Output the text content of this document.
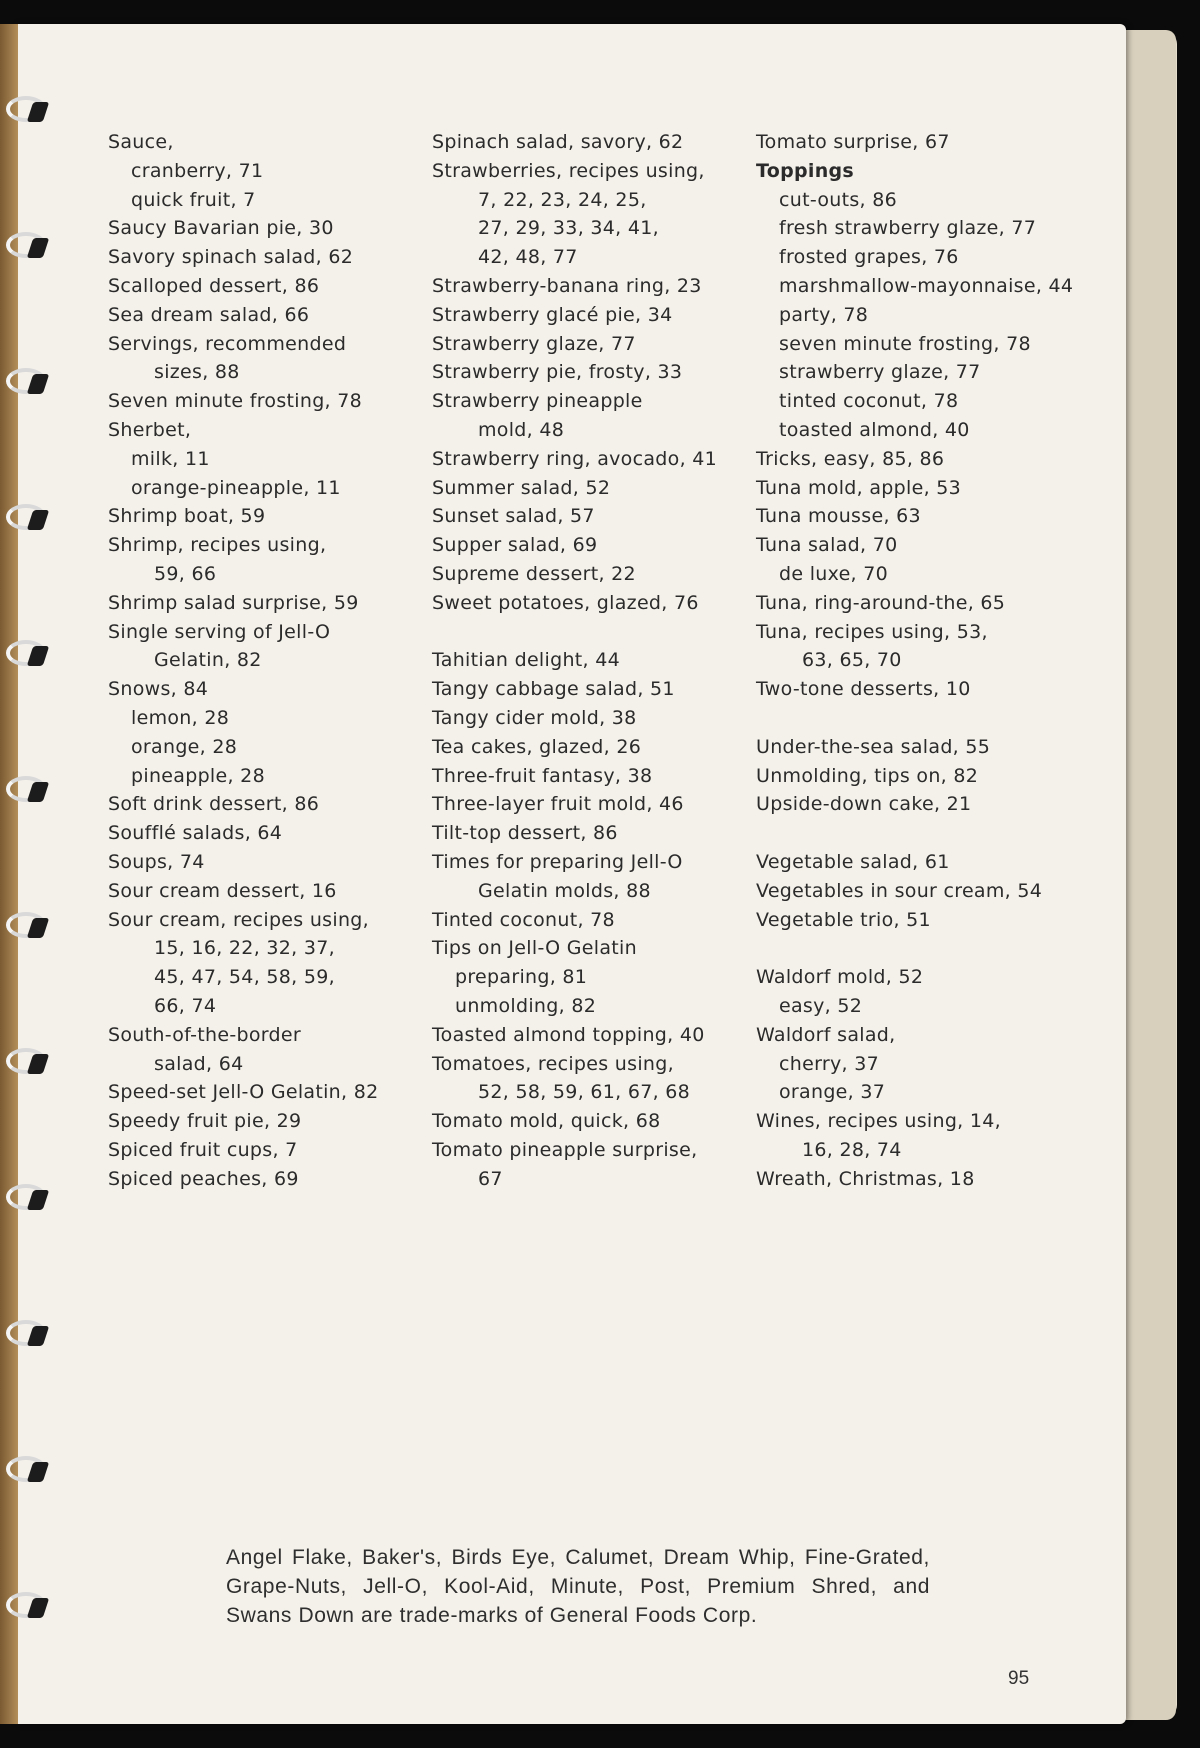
Sauce,
cranberry, 71
quick fruit, 7
Saucy Bavarian pie, 30
Savory spinach salad, 62
Scalloped dessert, 86
Sea dream salad, 66
Servings, recommended
sizes, 88
Seven minute frosting, 78
Sherbet,
milk, 11
orange-pineapple, 11
Shrimp boat, 59
Shrimp, recipes using,
59, 66
Shrimp salad surprise, 59
Single serving of Jell-O
Gelatin, 82
Snows, 84
lemon, 28
orange, 28
pineapple, 28
Soft drink dessert, 86
Soufflé salads, 64
Soups, 74
Sour cream dessert, 16
Sour cream, recipes using,
15, 16, 22, 32, 37,
45, 47, 54, 58, 59,
66, 74
South-of-the-border
salad, 64
Speed-set Jell-O Gelatin, 82
Speedy fruit pie, 29
Spiced fruit cups, 7
Spiced peaches, 69
Spinach salad, savory, 62
Strawberries, recipes using,
7, 22, 23, 24, 25,
27, 29, 33, 34, 41,
42, 48, 77
Strawberry-banana ring, 23
Strawberry glacé pie, 34
Strawberry glaze, 77
Strawberry pie, frosty, 33
Strawberry pineapple
mold, 48
Strawberry ring, avocado, 41
Summer salad, 52
Sunset salad, 57
Supper salad, 69
Supreme dessert, 22
Sweet potatoes, glazed, 76
Tahitian delight, 44
Tangy cabbage salad, 51
Tangy cider mold, 38
Tea cakes, glazed, 26
Three-fruit fantasy, 38
Three-layer fruit mold, 46
Tilt-top dessert, 86
Times for preparing Jell-O
Gelatin molds, 88
Tinted coconut, 78
Tips on Jell-O Gelatin
preparing, 81
unmolding, 82
Toasted almond topping, 40
Tomatoes, recipes using,
52, 58, 59, 61, 67, 68
Tomato mold, quick, 68
Tomato pineapple surprise,
67
Tomato surprise, 67
Toppings
cut-outs, 86
fresh strawberry glaze, 77
frosted grapes, 76
marshmallow-mayonnaise, 44
party, 78
seven minute frosting, 78
strawberry glaze, 77
tinted coconut, 78
toasted almond, 40
Tricks, easy, 85, 86
Tuna mold, apple, 53
Tuna mousse, 63
Tuna salad, 70
de luxe, 70
Tuna, ring-around-the, 65
Tuna, recipes using, 53,
63, 65, 70
Two-tone desserts, 10
Under-the-sea salad, 55
Unmolding, tips on, 82
Upside-down cake, 21
Vegetable salad, 61
Vegetables in sour cream, 54
Vegetable trio, 51
Waldorf mold, 52
easy, 52
Waldorf salad,
cherry, 37
orange, 37
Wines, recipes using, 14,
16, 28, 74
Wreath, Christmas, 18
Angel Flake, Baker's, Birds Eye, Calumet, Dream Whip, Fine-Grated, Grape-Nuts, Jell-O, Kool-Aid, Minute, Post, Premium Shred, and Swans Down are trade-marks of General Foods Corp.
95
